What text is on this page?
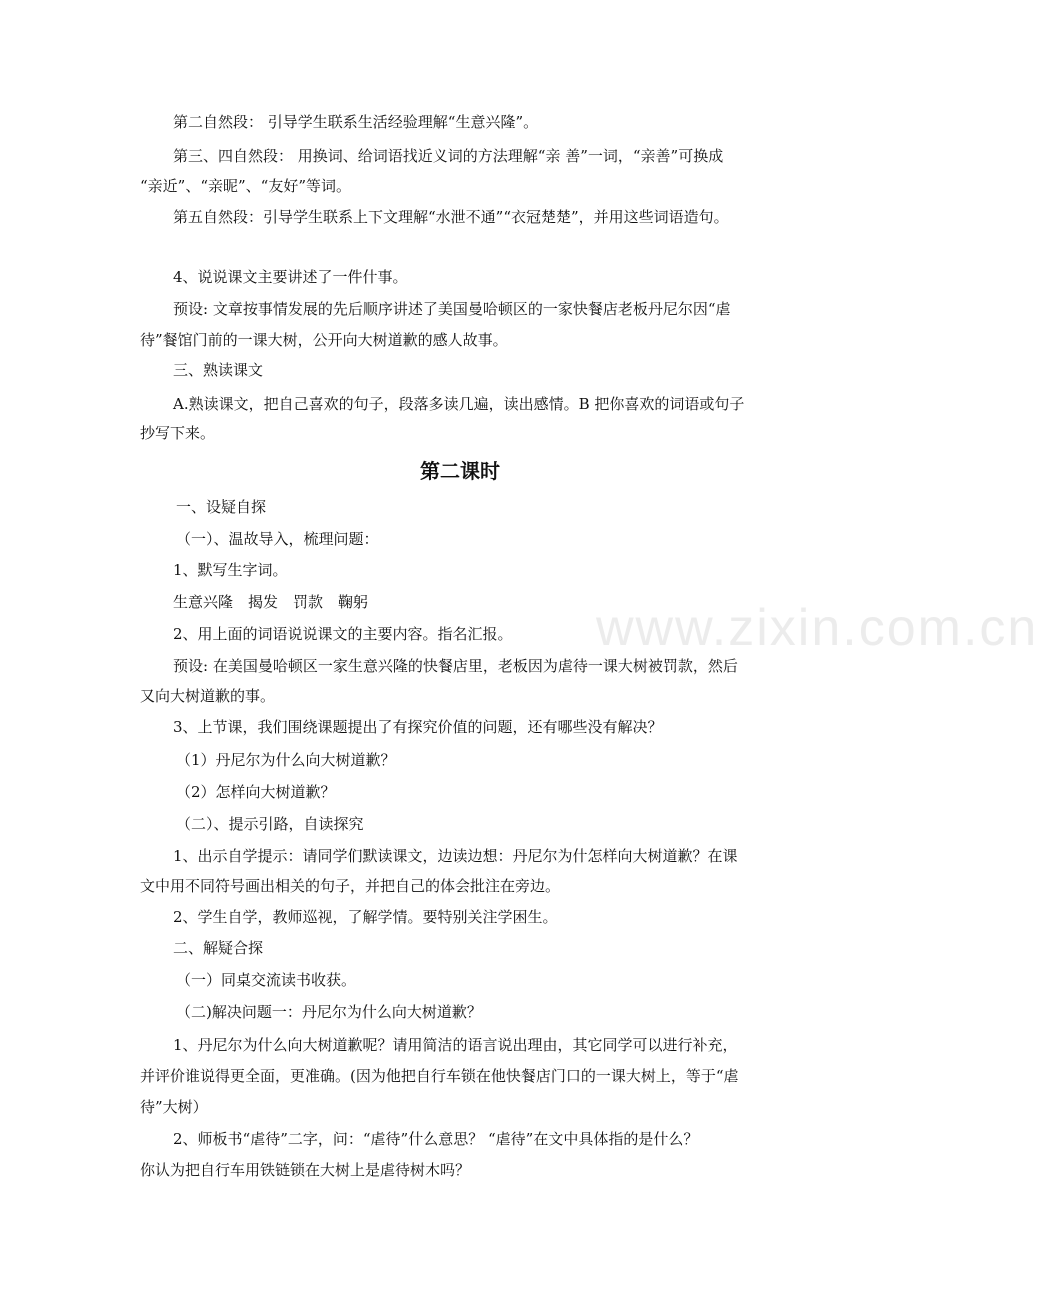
第二自然段： 引导学生联系生活经验理解“生意兴隆”。
第三、四自然段： 用换词、给词语找近义词的方法理解“亲 善”一词，“亲善”可换成
“亲近”、“亲昵”、“友好”等词。
第五自然段：引导学生联系上下文理解“水泄不通”“衣冠楚楚”，并用这些词语造句。
4、说说课文主要讲述了一件什事。
预设: 文章按事情发展的先后顺序讲述了美国曼哈顿区的一家快餐店老板丹尼尔因“虐
待”餐馆门前的一课大树，公开向大树道歉的感人故事。
三、熟读课文
A.熟读课文，把自己喜欢的句子，段落多读几遍，读出感情。B 把你喜欢的词语或句子
抄写下来。
第二课时
一、设疑自探
（一）、温故导入，梳理问题：
1、默写生字词。
生意兴隆　揭发　罚款　鞠躬
2、用上面的词语说说课文的主要内容。指名汇报。
预设: 在美国曼哈顿区一家生意兴隆的快餐店里，老板因为虐待一课大树被罚款，然后
又向大树道歉的事。
3、上节课，我们围绕课题提出了有探究价值的问题，还有哪些没有解决？
（1）丹尼尔为什么向大树道歉？
（2）怎样向大树道歉？
（二）、提示引路，自读探究
1、出示自学提示：请同学们默读课文，边读边想：丹尼尔为什怎样向大树道歉？在课
文中用不同符号画出相关的句子，并把自己的体会批注在旁边。
2、学生自学，教师巡视，了解学情。要特别关注学困生。
二、解疑合探
（一）同桌交流读书收获。
（二)解决问题一：丹尼尔为什么向大树道歉？
1、丹尼尔为什么向大树道歉呢？请用简洁的语言说出理由，其它同学可以进行补充，
并评价谁说得更全面，更准确。(因为他把自行车锁在他快餐店门口的一课大树上，等于“虐
待”大树）
2、师板书“虐待”二字，问：“虐待”什么意思？ “虐待”在文中具体指的是什么？
你认为把自行车用铁链锁在大树上是虐待树木吗？
www.zixin.com.cn
